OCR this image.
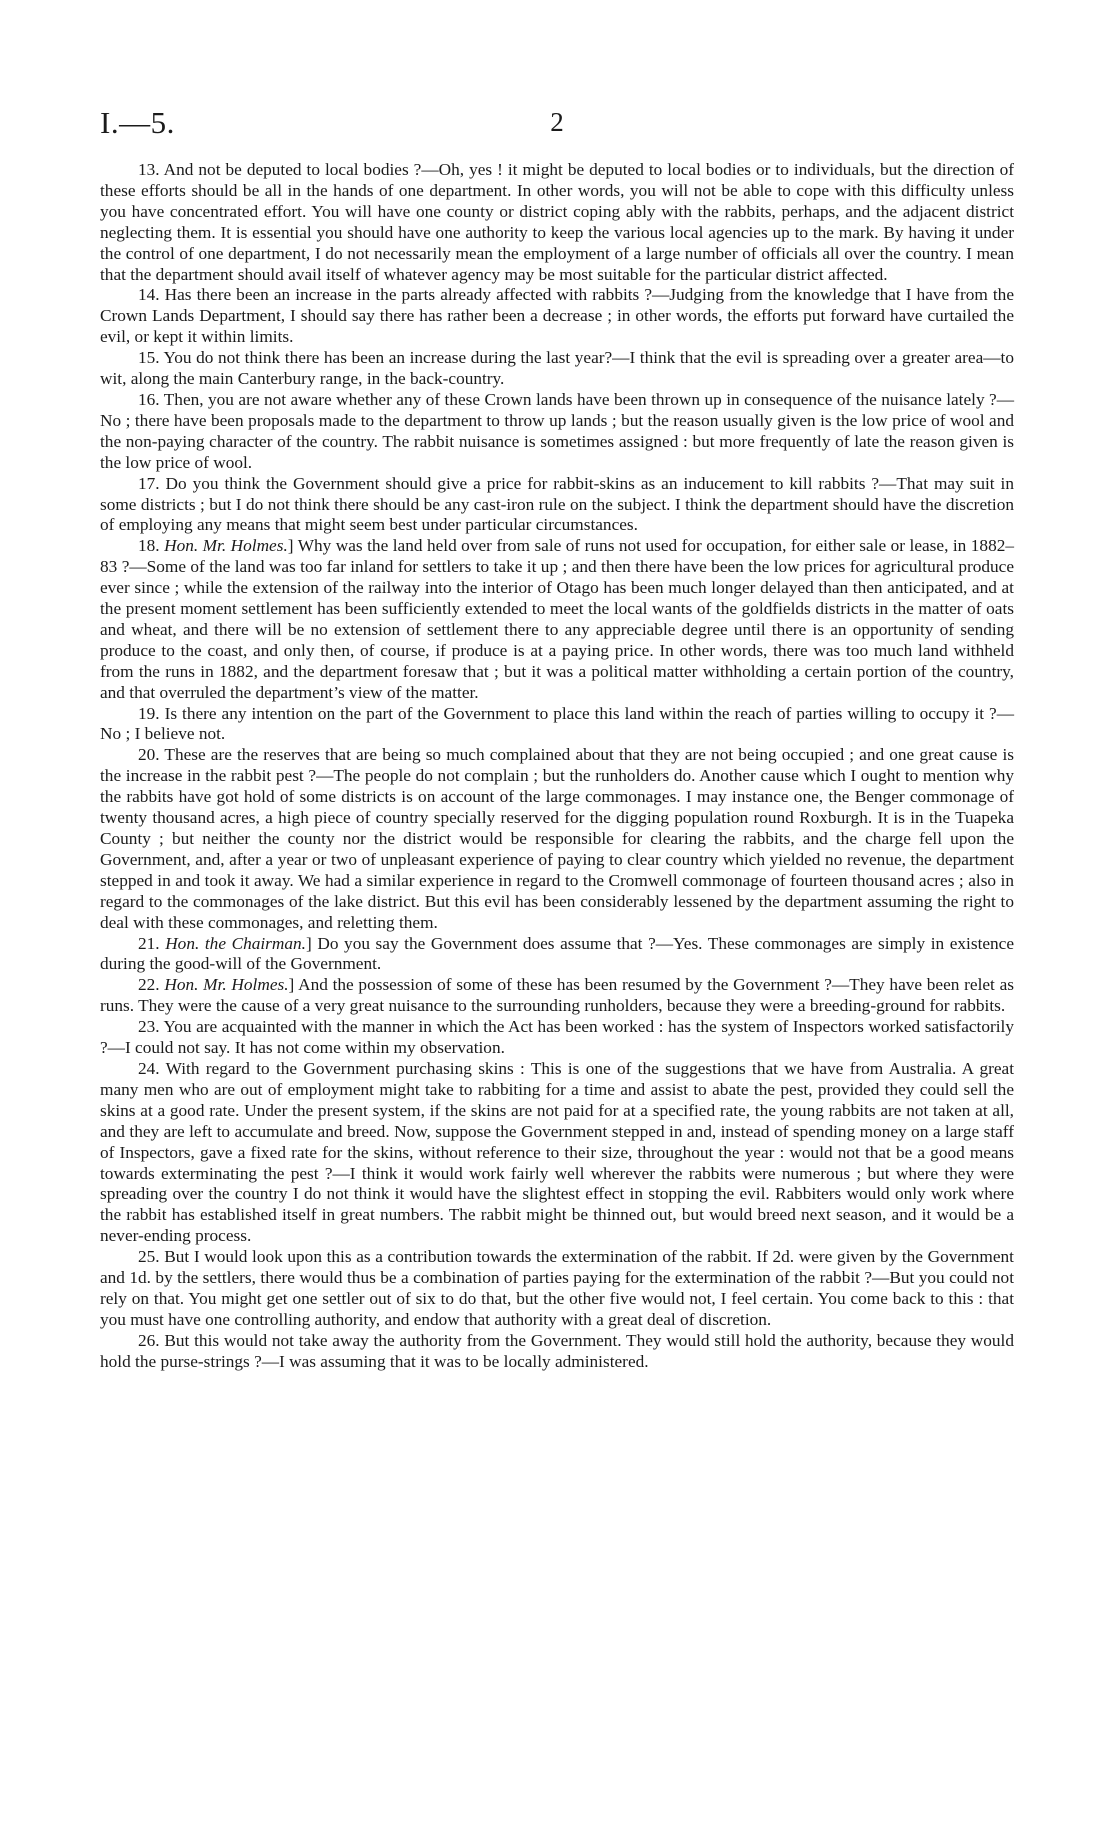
I.—5.	2

13. And not be deputed to local bodies ?—Oh, yes ! it might be deputed to local bodies or to individuals, but the direction of these efforts should be all in the hands of one department. In other words, you will not be able to cope with this difficulty unless you have concentrated effort. You will have one county or district coping ably with the rabbits, perhaps, and the adjacent district neglecting them. It is essential you should have one authority to keep the various local agencies up to the mark. By having it under the control of one department, I do not necessarily mean the employment of a large number of officials all over the country. I mean that the department should avail itself of whatever agency may be most suitable for the particular district affected.

14. Has there been an increase in the parts already affected with rabbits ?—Judging from the knowledge that I have from the Crown Lands Department, I should say there has rather been a decrease ; in other words, the efforts put forward have curtailed the evil, or kept it within limits.

15. You do not think there has been an increase during the last year?—I think that the evil is spreading over a greater area—to wit, along the main Canterbury range, in the back-country.

16. Then, you are not aware whether any of these Crown lands have been thrown up in consequence of the nuisance lately ?—No ; there have been proposals made to the department to throw up lands ; but the reason usually given is the low price of wool and the non-paying character of the country. The rabbit nuisance is sometimes assigned : but more frequently of late the reason given is the low price of wool.

17. Do you think the Government should give a price for rabbit-skins as an inducement to kill rabbits ?—That may suit in some districts ; but I do not think there should be any cast-iron rule on the subject. I think the department should have the discretion of employing any means that might seem best under particular circumstances.

18. Hon. Mr. Holmes.] Why was the land held over from sale of runs not used for occupation, for either sale or lease, in 1882–83 ?—Some of the land was too far inland for settlers to take it up ; and then there have been the low prices for agricultural produce ever since ; while the extension of the railway into the interior of Otago has been much longer delayed than then anticipated, and at the present moment settlement has been sufficiently extended to meet the local wants of the goldfields districts in the matter of oats and wheat, and there will be no extension of settlement there to any appreciable degree until there is an opportunity of sending produce to the coast, and only then, of course, if produce is at a paying price. In other words, there was too much land withheld from the runs in 1882, and the department foresaw that ; but it was a political matter withholding a certain portion of the country, and that overruled the department’s view of the matter.

19. Is there any intention on the part of the Government to place this land within the reach of parties willing to occupy it ?—No ; I believe not.

20. These are the reserves that are being so much complained about that they are not being occupied ; and one great cause is the increase in the rabbit pest ?—The people do not complain ; but the runholders do. Another cause which I ought to mention why the rabbits have got hold of some districts is on account of the large commonages. I may instance one, the Benger commonage of twenty thousand acres, a high piece of country specially reserved for the digging population round Roxburgh. It is in the Tuapeka County ; but neither the county nor the district would be responsible for clearing the rabbits, and the charge fell upon the Government, and, after a year or two of unpleasant experience of paying to clear country which yielded no revenue, the department stepped in and took it away. We had a similar experience in regard to the Cromwell commonage of fourteen thousand acres ; also in regard to the commonages of the lake district. But this evil has been considerably lessened by the department assuming the right to deal with these commonages, and reletting them.

21. Hon. the Chairman.] Do you say the Government does assume that ?—Yes. These commonages are simply in existence during the good-will of the Government.

22. Hon. Mr. Holmes.] And the possession of some of these has been resumed by the Government ?—They have been relet as runs. They were the cause of a very great nuisance to the surrounding runholders, because they were a breeding-ground for rabbits.

23. You are acquainted with the manner in which the Act has been worked : has the system of Inspectors worked satisfactorily ?—I could not say. It has not come within my observation.

24. With regard to the Government purchasing skins : This is one of the suggestions that we have from Australia. A great many men who are out of employment might take to rabbiting for a time and assist to abate the pest, provided they could sell the skins at a good rate. Under the present system, if the skins are not paid for at a specified rate, the young rabbits are not taken at all, and they are left to accumulate and breed. Now, suppose the Government stepped in and, instead of spending money on a large staff of Inspectors, gave a fixed rate for the skins, without reference to their size, throughout the year : would not that be a good means towards exterminating the pest ?—I think it would work fairly well wherever the rabbits were numerous ; but where they were spreading over the country I do not think it would have the slightest effect in stopping the evil. Rabbiters would only work where the rabbit has established itself in great numbers. The rabbit might be thinned out, but would breed next season, and it would be a never-ending process.

25. But I would look upon this as a contribution towards the extermination of the rabbit. If 2d. were given by the Government and 1d. by the settlers, there would thus be a combination of parties paying for the extermination of the rabbit ?—But you could not rely on that. You might get one settler out of six to do that, but the other five would not, I feel certain. You come back to this : that you must have one controlling authority, and endow that authority with a great deal of discretion.

26. But this would not take away the authority from the Government. They would still hold the authority, because they would hold the purse-strings ?—I was assuming that it was to be locally administered.
